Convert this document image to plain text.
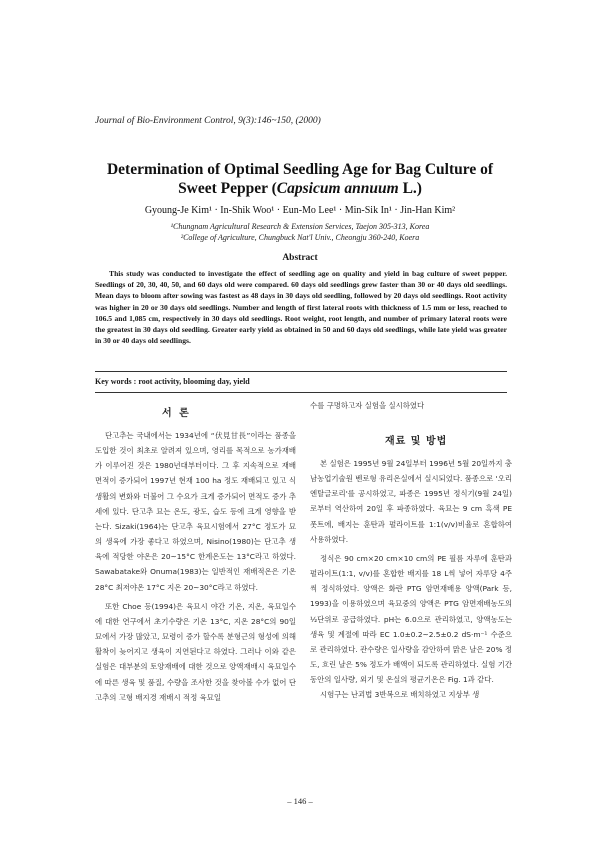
Journal of Bio-Environment Control, 9(3):146~150, (2000)
Determination of Optimal Seedling Age for Bag Culture of
Sweet Pepper (Capsicum annuum L.)
Gyoung-Je Kim¹ · In-Shik Woo¹ · Eun-Mo Lee¹ · Min-Sik In¹ · Jin-Han Kim²
¹Chungnam Agricultural Research & Extension Services, Taejon 305-313, Korea
²College of Agriculture, Chungbuck Nat'l Univ., Cheongju 360-240, Koera
Abstract
This study was conducted to investigate the effect of seedling age on quality and yield in bag culture of sweet pepper. Seedlings of 20, 30, 40, 50, and 60 days old were compared. 60 days old seedlings grew faster than 30 or 40 days old seedlings. Mean days to bloom after sowing was fastest as 48 days in 30 days old seedling, followed by 20 days old seedlings. Root activity was higher in 20 or 30 days old seedlings. Number and length of first lateral roots with thickness of 1.5 mm or less, reached to 106.5 and 1,085 cm, respectively in 30 days old seedlings. Root weight, root length, and number of primary lateral roots were the greatest in 30 days old seedling. Greater early yield as obtained in 50 and 60 days old seedlings, while late yield was greater in 30 or 40 days old seedlings.
Key words : root activity, blooming day, yield
서 론

단고추는 국내에서는 1934년에 “伏見甘長”이라는 품종을 도입한 것이 최초로 알려져 있으며, 영리를 목적으로 농가재배가 이루어진 것은 1980년대부터이다. 그 후 지속적으로 재배면적이 증가되어 1997년 현재 100 ha 정도 재배되고 있고 식생활의 변화와 더불어 그 수요가 크게 증가되어 면적도 증가 추세에 있다. 단고추 묘는 온도, 광도, 습도 등에 크게 영향을 받는다. Sizaki(1964)는 단고추 육묘시험에서 27°C 정도가 묘의 생육에 가장 좋다고 하였으며, Nisino(1980)는 단고추 생육에 적당한 야온은 20~15°C 한계온도는 13°C라고 하였다. Sawabatake와 Onuma(1983)는 일반적인 재배적온은 기온 28°C 최저야온 17°C 지온 20~30°C라고 하였다.

또한 Choe 등(1994)은 육묘시 야간 기온, 지온, 육묘일수에 대한 연구에서 초기수량은 기온 13°C, 지온 28°C의 90일묘에서 가장 많았고, 묘령이 증가 할수록 분형근의 형성에 의해 활착이 늦어지고 생육이 지연된다고 하였다. 그러나 이와 같은 실험은 대부분의 토양재배에 대한 것으로 양액재배시 육묘일수에 따른 생육 및 품질, 수량을 조사한 것을 찾아볼 수가 없어 단고추의 고형 배지경 재배시 적정 육묘일

수를 구명하고자 실험을 실시하였다

재료 및 방법

본 실험은 1995년 9월 24일부터 1996년 5월 20일까지 충남농업기술원 벤로형 유리온실에서 실시되었다. 품종으로 '오리엔탈글로리'를 공시하였고, 파종은 1995년 정식기(9월 24일)로부터 역산하여 20일 후 파종하였다. 육묘는 9 cm 흑색 PE 폿트에, 배지는 훈탄과 펄라이트를 1:1(v/v)비율로 혼합하여 사용하였다.

정식은 90 cm×20 cm×10 cm의 PE 필름 자루에 훈탄과 펄라이트(1:1, v/v)를 혼합한 배지를 18 L씩 넣어 자루당 4주씩 정식하였다. 양액은 화란 PTG 암면재배용 양액(Park 등, 1993)을 이용하였으며 육묘중의 양액은 PTG 암면재배농도의 ½단위로 공급하였다. pH는 6.0으로 관리하였고, 양액농도는 생육 및 계절에 따라 EC 1.0±0.2~2.5±0.2 dS·m⁻¹ 수준으로 관리하였다. 관수량은 일사량을 감안하여 맑은 날은 20% 정도, 흐린 날은 5% 정도가 배액이 되도록 관리하였다. 실험 기간 동안의 일사량, 외기 및 온실의 평균기온은 Fig. 1과 같다.

시험구는 난괴법 3반복으로 배치하였고 지상부 생

– 146 –
